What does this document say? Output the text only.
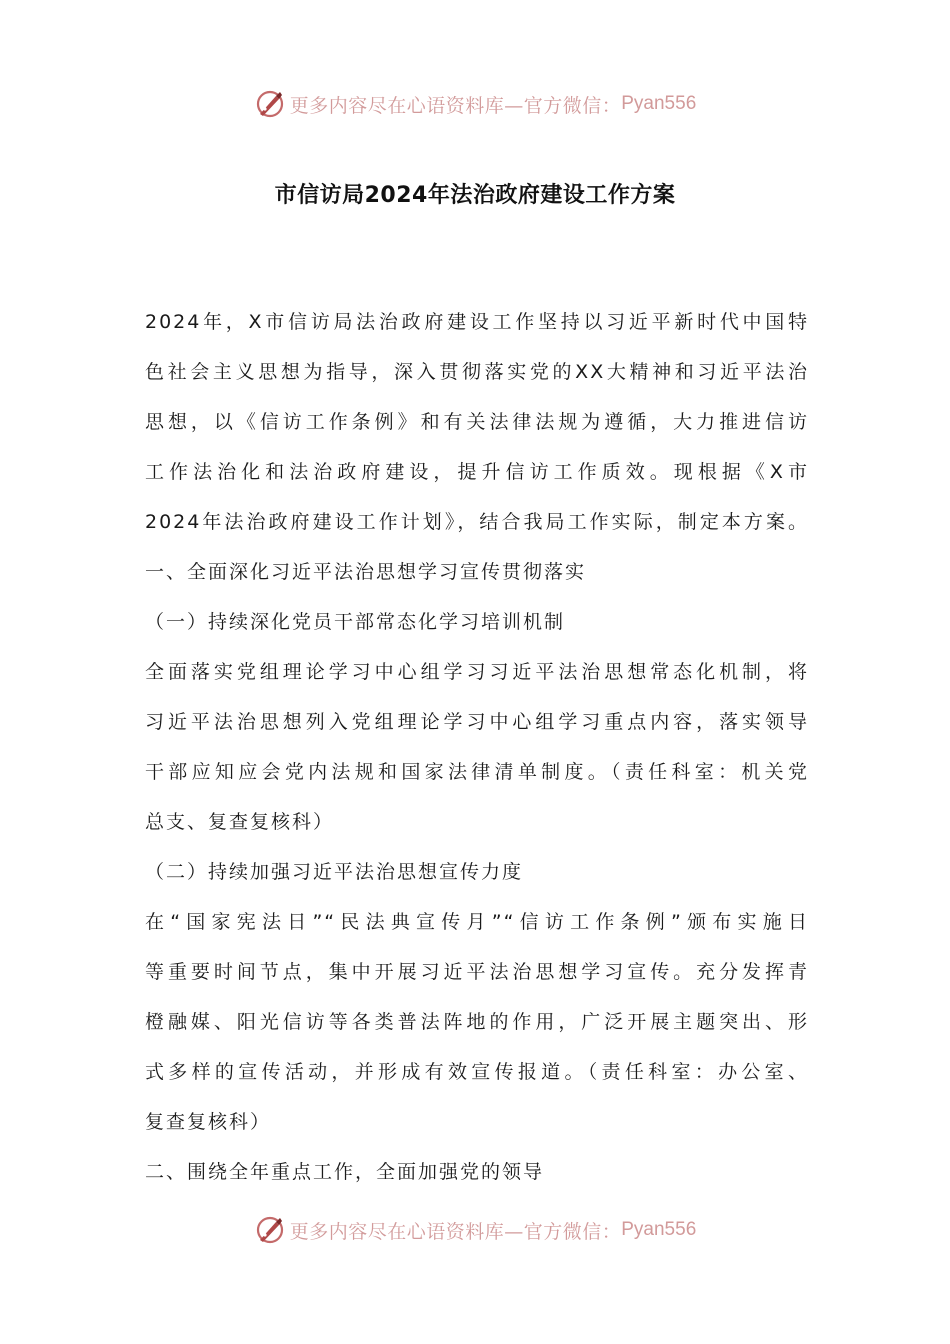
更多内容尽在心语资料库—官方微信： Pyan556
市信访局2024年法治政府建设工作方案
2024年，X市信访局法治政府建设工作坚持以习近平新时代中国特
色社会主义思想为指导，深入贯彻落实党的XX大精神和习近平法治
思想，以《信访工作条例》和有关法律法规为遵循，大力推进信访
工作法治化和法治政府建设，提升信访工作质效。现根据《X市
2024年法治政府建设工作计划》，结合我局工作实际，制定本方案。
一、全面深化习近平法治思想学习宣传贯彻落实
（一）持续深化党员干部常态化学习培训机制
全面落实党组理论学习中心组学习习近平法治思想常态化机制，将
习近平法治思想列入党组理论学习中心组学习重点内容，落实领导
干部应知应会党内法规和国家法律清单制度。（责任科室：机关党
总支、复查复核科）
（二）持续加强习近平法治思想宣传力度
在“国家宪法日”“民法典宣传月”“信访工作条例”颁布实施日
等重要时间节点，集中开展习近平法治思想学习宣传。充分发挥青
橙融媒、阳光信访等各类普法阵地的作用，广泛开展主题突出、形
式多样的宣传活动，并形成有效宣传报道。（责任科室：办公室、
复查复核科）
二、围绕全年重点工作，全面加强党的领导
更多内容尽在心语资料库—官方微信： Pyan556
